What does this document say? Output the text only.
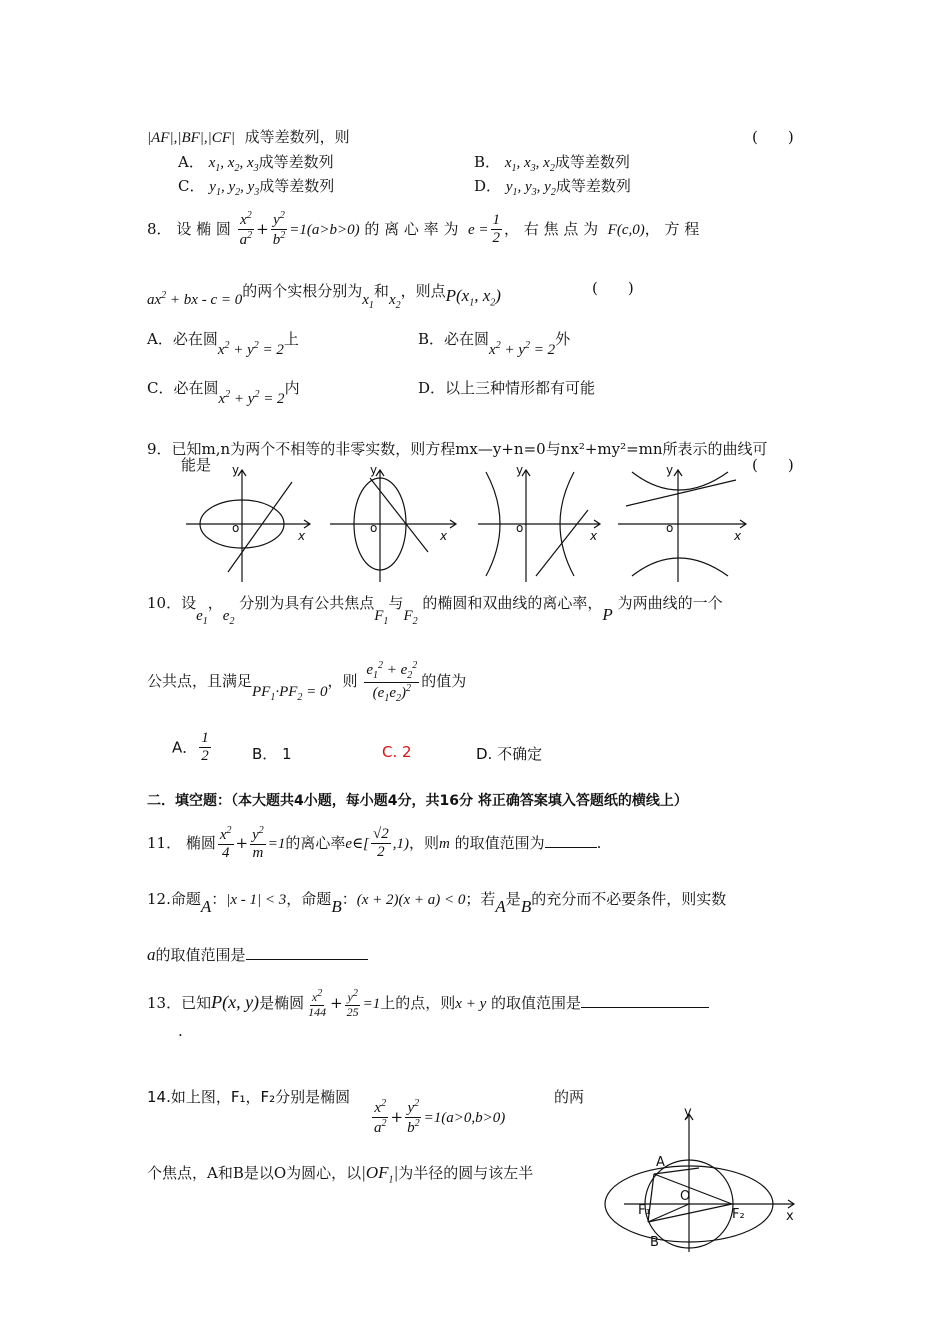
|AF|,|BF|,|CF| 成等差数列，则	(　　)
A． $x_1$, $x_2$, $x_3$成等差数列	B． $x_1$, $x_3$, $x_2$成等差数列
C． $y_1$, $y_2$, $y_3$成等差数列	D． $y_1$, $y_3$, $y_2$成等差数列
8． 设 椭 圆 $\frac{x^2}{a^2} + \frac{y^2}{b^2} =1(a>b>0)$ 的 离 心 率 为 $e = \frac{1}{2}$ ， 右 焦 点 为 F(c,0)， 方 程
$ax^2$ + bx - c = 0的两个实根分别为$x_1$和$x_2$，则点$P(x_1$, $x_2$)	(　　)
A．必在圆$x^2 + y^2 = 2$上	B．必在圆$x^2 + y^2 = 2$外
C．必在圆$x^2 + y^2 = 2$内	D．以上三种情形都有可能
9．已知m,n为两个不相等的非零实数，则方程mx—y+n=0与nx²+my²=mn所表示的曲线可
能是	(　　)
y
o
x
y
o
x
y
o
x
y
o
x
10．设$e_1$，$e_2$ 分别为具有公共焦点$F_1$与$F_2$ 的椭圆和双曲线的离心率，P 为两曲线的一个
公共点，且满足$PF_1\cdot PF_2 = 0$，则 $\frac{e_1^2 + e_2^2}{(e_1e_2)^2}$ 的值为
A． $\frac{1}{2}$	B． 1	C. 2	D. 不确定
二．填空题：（本大题共4小题，每小题4分，共16分 将正确答案填入答题纸的横线上）
11． 椭圆 $\frac{x^2}{4} + \frac{y^2}{m} =1$的离心率e∈[ $\frac{√2}{2} ,1$)，则m 的取值范围为	.
12.命题A：|x - 1| < 3，命题B：(x + 2)(x + a) < 0；若A是B的充分而不必要条件，则实数
a的取值范围是
13．已知P(x, y)是椭圆 $\frac{x^2}{144} + \frac{y^2}{25} =1$上的点，则x + y 的取值范围是
.
14.如上图，F₁，F₂分别是椭圆
$\frac{x^2}{a^2} + \frac{y^2}{b^2} =1(a>0,b>0)$
的两
个焦点，A和B是以O为圆心，以$|OF_1|$为半径的圆与该左半
y
x
A
B
O
F₁	F₂
